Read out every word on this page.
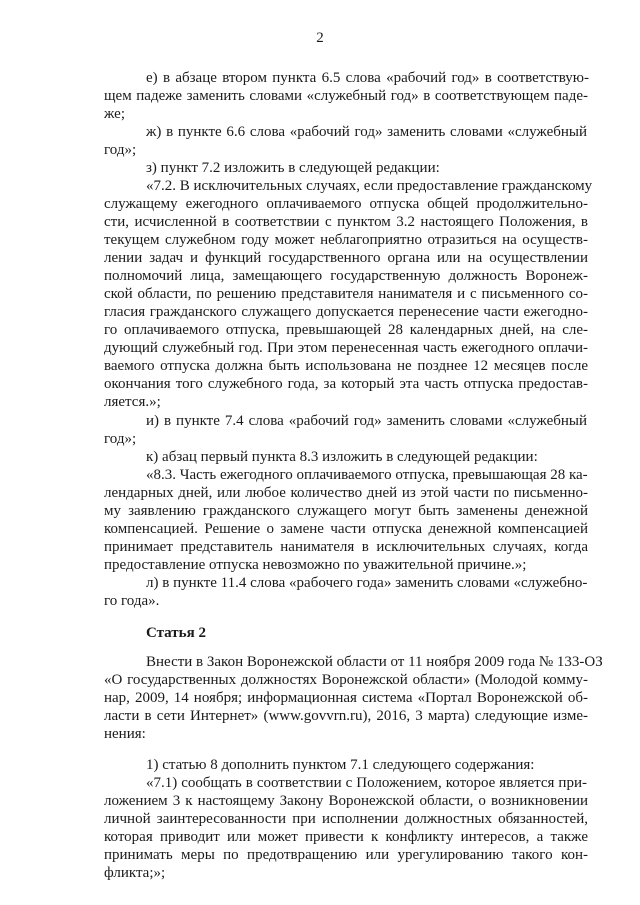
2
е) в абзаце втором пункта 6.5 слова «рабочий год» в соответствую-
щем падеже заменить словами «служебный год» в соответствующем паде-
же;
ж) в пункте 6.6 слова «рабочий год» заменить словами «служебный
год»;
з) пункт 7.2 изложить в следующей редакции:
«7.2. В исключительных случаях, если предоставление гражданскому
служащему ежегодного оплачиваемого отпуска общей продолжительно-
сти, исчисленной в соответствии с пунктом 3.2 настоящего Положения, в
текущем служебном году может неблагоприятно отразиться на осуществ-
лении задач и функций государственного органа или на осуществлении
полномочий лица, замещающего государственную должность Воронеж-
ской области, по решению представителя нанимателя и с письменного со-
гласия гражданского служащего допускается перенесение части ежегодно-
го оплачиваемого отпуска, превышающей 28 календарных дней, на сле-
дующий служебный год. При этом перенесенная часть ежегодного оплачи-
ваемого отпуска должна быть использована не позднее 12 месяцев после
окончания того служебного года, за который эта часть отпуска предостав-
ляется.»;
и) в пункте 7.4 слова «рабочий год» заменить словами «служебный
год»;
к) абзац первый пункта 8.3 изложить в следующей редакции:
«8.3. Часть ежегодного оплачиваемого отпуска, превышающая 28 ка-
лендарных дней, или любое количество дней из этой части по письменно-
му заявлению гражданского служащего могут быть заменены денежной
компенсацией. Решение о замене части отпуска денежной компенсацией
принимает представитель нанимателя в исключительных случаях, когда
предоставление отпуска невозможно по уважительной причине.»;
л) в пункте 11.4 слова «рабочего года» заменить словами «служебно-
го года».
Статья 2
Внести в Закон Воронежской области от 11 ноября 2009 года № 133-ОЗ
«О государственных должностях Воронежской области» (Молодой комму-
нар, 2009, 14 ноября; информационная система «Портал Воронежской об-
ласти в сети Интернет» (www.govvrn.ru), 2016, 3 марта) следующие изме-
нения:
1) статью 8 дополнить пунктом 7.1 следующего содержания:
«7.1) сообщать в соответствии с Положением, которое является при-
ложением 3 к настоящему Закону Воронежской области, о возникновении
личной заинтересованности при исполнении должностных обязанностей,
которая приводит или может привести к конфликту интересов, а также
принимать меры по предотвращению или урегулированию такого кон-
фликта;»;
